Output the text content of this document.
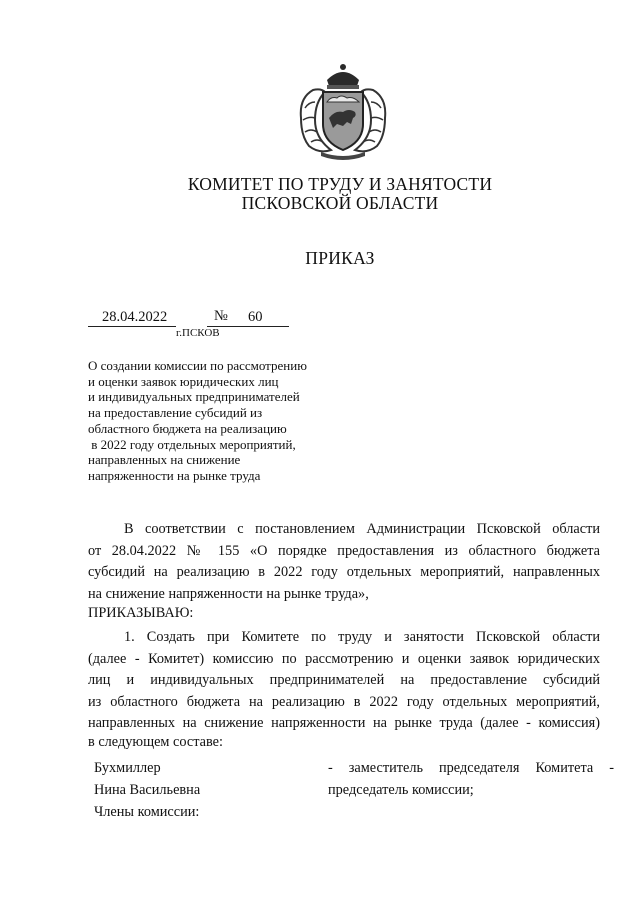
КОМИТЕТ ПО ТРУДУ И ЗАНЯТОСТИ
ПСКОВСКОЙ ОБЛАСТИ
ПРИКАЗ
28.04.2022	№ 60
г.ПСКОВ
О создании комиссии по рассмотрению
и оценки заявок юридических лиц
и индивидуальных предпринимателей
на предоставление субсидий из
областного бюджета на реализацию
в 2022 году отдельных мероприятий,
направленных на снижение
напряженности на рынке труда
В соответствии с постановлением Администрации Псковской области
от 28.04.2022 № 155 «О порядке предоставления из областного бюджета
субсидий на реализацию в 2022 году отдельных мероприятий, направленных
на снижение напряженности на рынке труда»,
ПРИКАЗЫВАЮ:
1. Создать при Комитете по труду и занятости Псковской области
(далее - Комитет) комиссию по рассмотрению и оценки заявок юридических
лиц и индивидуальных предпринимателей на предоставление субсидий
из областного бюджета на реализацию в 2022 году отдельных мероприятий,
направленных на снижение напряженности на рынке труда (далее - комиссия)
в следующем составе:
Бухмиллер
Нина Васильевна
- заместитель председателя Комитета -
председатель комиссии;
Члены комиссии:
